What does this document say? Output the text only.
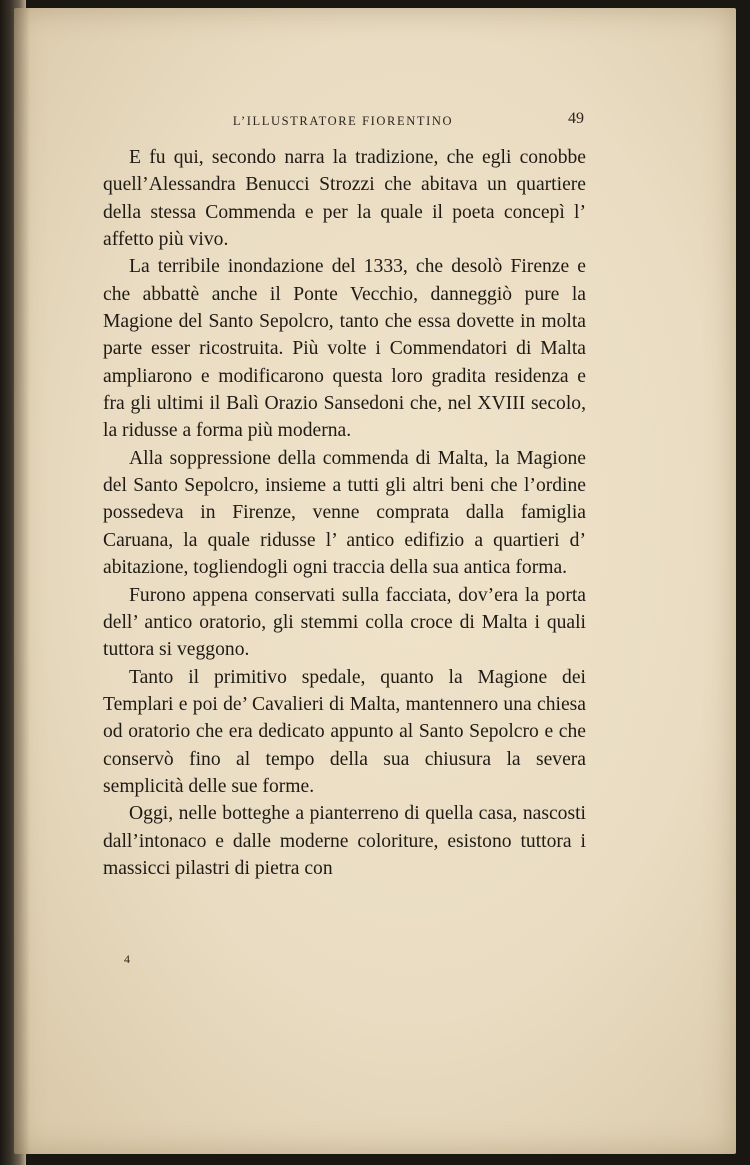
L’ILLUSTRATORE FIORENTINO	49

E fu qui, secondo narra la tradizione, che egli conobbe quell’Alessandra Benucci Strozzi che abitava un quartiere della stessa Commenda e per la quale il poeta concepì l’ affetto più vivo.

La terribile inondazione del 1333, che desolò Firenze e che abbattè anche il Ponte Vecchio, danneggiò pure la Magione del Santo Sepolcro, tanto che essa dovette in molta parte esser ricostruita. Più volte i Commendatori di Malta ampliarono e modificarono questa loro gradita residenza e fra gli ultimi il Balì Orazio Sansedoni che, nel XVIII secolo, la ridusse a forma più moderna.

Alla soppressione della commenda di Malta, la Magione del Santo Sepolcro, insieme a tutti gli altri beni che l’ordine possedeva in Firenze, venne comprata dalla famiglia Caruana, la quale ridusse l’ antico edifizio a quartieri d’ abitazione, togliendogli ogni traccia della sua antica forma.

Furono appena conservati sulla facciata, dov’era la porta dell’ antico oratorio, gli stemmi colla croce di Malta i quali tuttora si veggono.

Tanto il primitivo spedale, quanto la Magione dei Templari e poi de’ Cavalieri di Malta, mantennero una chiesa od oratorio che era dedicato appunto al Santo Sepolcro e che conservò fino al tempo della sua chiusura la severa semplicità delle sue forme.

Oggi, nelle botteghe a pianterreno di quella casa, nascosti dall’intonaco e dalle moderne coloriture, esistono tuttora i massicci pilastri di pietra con

4
